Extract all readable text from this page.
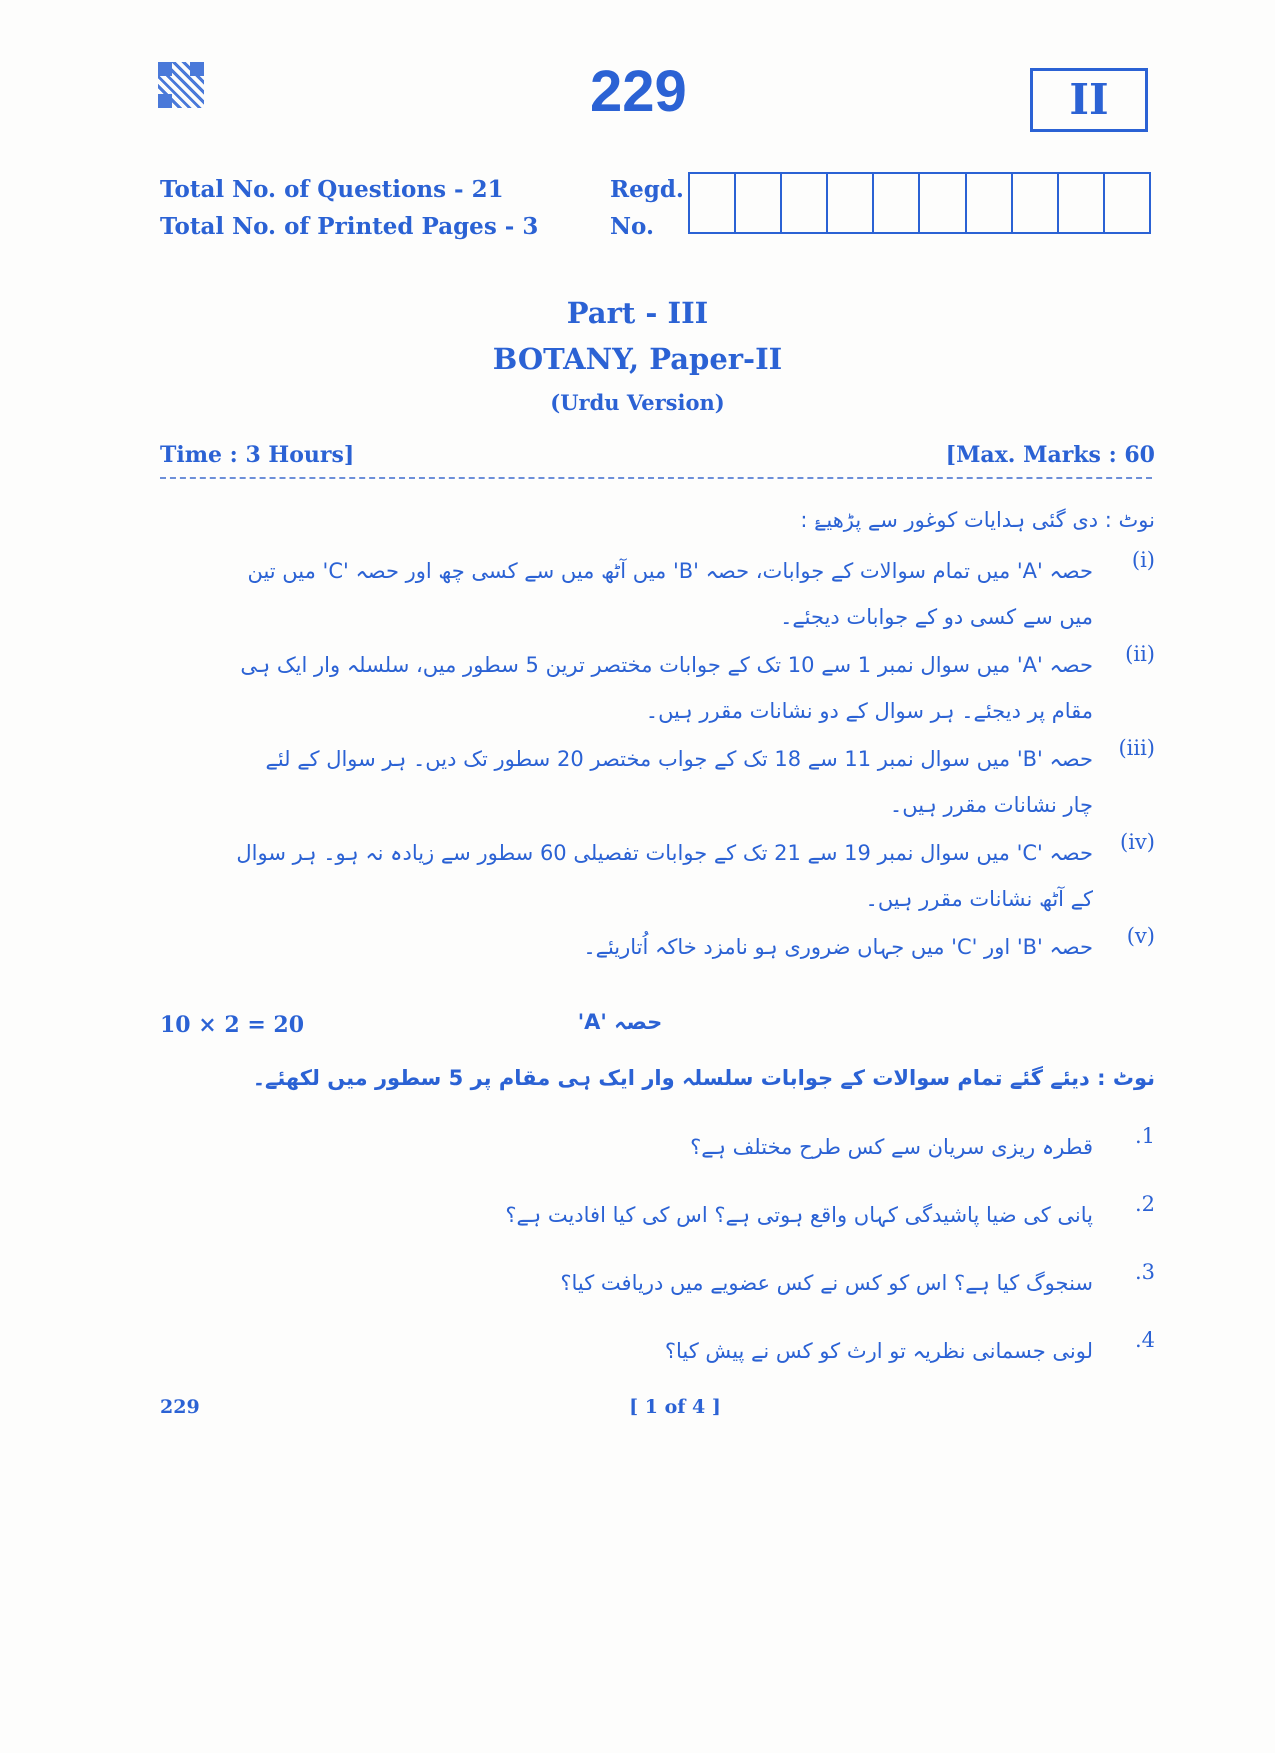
229	II
Total No. of Questions - 21
Total No. of Printed Pages - 3
Regd.
No.
Part - III
BOTANY, Paper-II
(Urdu Version)
Time : 3 Hours]	[Max. Marks : 60
نوٹ : دی گئی ہدایات کوغور سے پڑھیۓ :
(i)
حصہ 'A' میں تمام سوالات کے جوابات، حصہ 'B' میں آٹھ میں سے کسی چھ اور حصہ 'C' میں تین میں سے کسی دو کے جوابات دیجئے۔
(ii)
حصہ 'A' میں سوال نمبر 1 سے 10 تک کے جوابات مختصر ترین 5 سطور میں، سلسلہ وار ایک ہی مقام پر دیجئے۔ ہر سوال کے دو نشانات مقرر ہیں۔
(iii)
حصہ 'B' میں سوال نمبر 11 سے 18 تک کے جواب مختصر 20 سطور تک دیں۔ ہر سوال کے لئے چار نشانات مقرر ہیں۔
(iv)
حصہ 'C' میں سوال نمبر 19 سے 21 تک کے جوابات تفصیلی 60 سطور سے زیادہ نہ ہو۔ ہر سوال کے آٹھ نشانات مقرر ہیں۔
(v)
حصہ 'B' اور 'C' میں جہاں ضروری ہو نامزد خاکہ اُتاریئے۔
10 × 2 = 20	حصہ 'A'
نوٹ : دیئے گئے تمام سوالات کے جوابات سلسلہ وار ایک ہی مقام پر 5 سطور میں لکھئے۔
1.
قطرہ ریزی سریان سے کس طرح مختلف ہے؟
2.
پانی کی ضیا پاشیدگی کہاں واقع ہوتی ہے؟ اس کی کیا افادیت ہے؟
3.
سنجوگ کیا ہے؟ اس کو کس نے کس عضویے میں دریافت کیا؟
4.
لونی جسمانی نظریہ تو ارث کو کس نے پیش کیا؟
229	[ 1 of 4 ]
